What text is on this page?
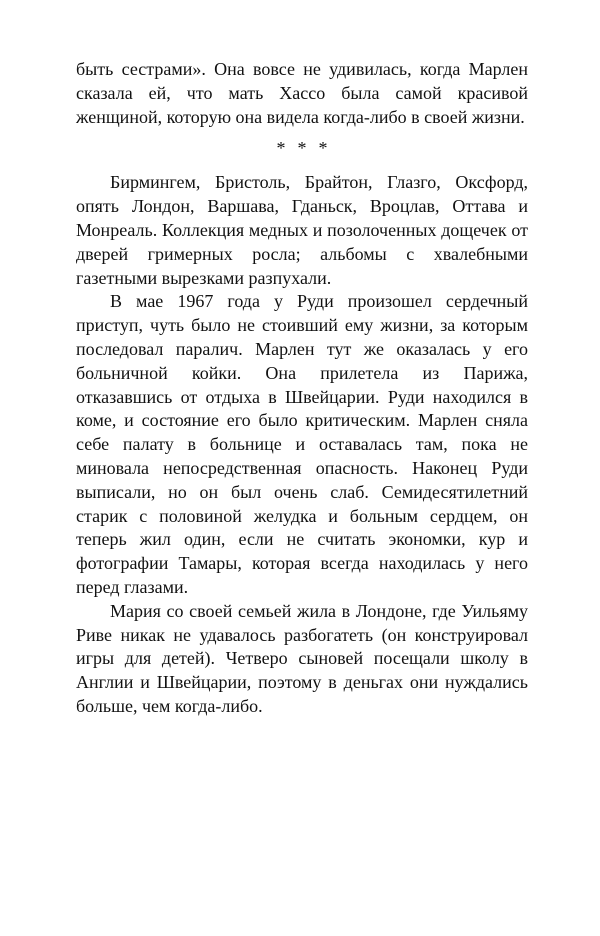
быть сестрами». Она вовсе не удивилась, когда Марлен сказала ей, что мать Хассо была самой красивой женщиной, которую она видела когда-либо в своей жизни.

***

Бирмингем, Бристоль, Брайтон, Глазго, Оксфорд, опять Лондон, Варшава, Гданьск, Вроцлав, Оттава и Монреаль. Коллекция медных и позолоченных дощечек от дверей гримерных росла; альбомы с хвалебными газетными вырезками разпухали.

В мае 1967 года у Руди произошел сердечный приступ, чуть было не стоивший ему жизни, за которым последовал паралич. Марлен тут же оказалась у его больничной койки. Она прилетела из Парижа, отказавшись от отдыха в Швейцарии. Руди находился в коме, и состояние его было критическим. Марлен сняла себе палату в больнице и оставалась там, пока не миновала непосредственная опасность. Наконец Руди выписали, но он был очень слаб. Семидесятилетний старик с половиной желудка и больным сердцем, он теперь жил один, если не считать экономки, кур и фотографии Тамары, которая всегда находилась у него перед глазами.

Мария со своей семьей жила в Лондоне, где Уильяму Риве никак не удавалось разбогатеть (он конструировал игры для детей). Четверо сыновей посещали школу в Англии и Швейцарии, поэтому в деньгах они нуждались больше, чем когда-либо.
